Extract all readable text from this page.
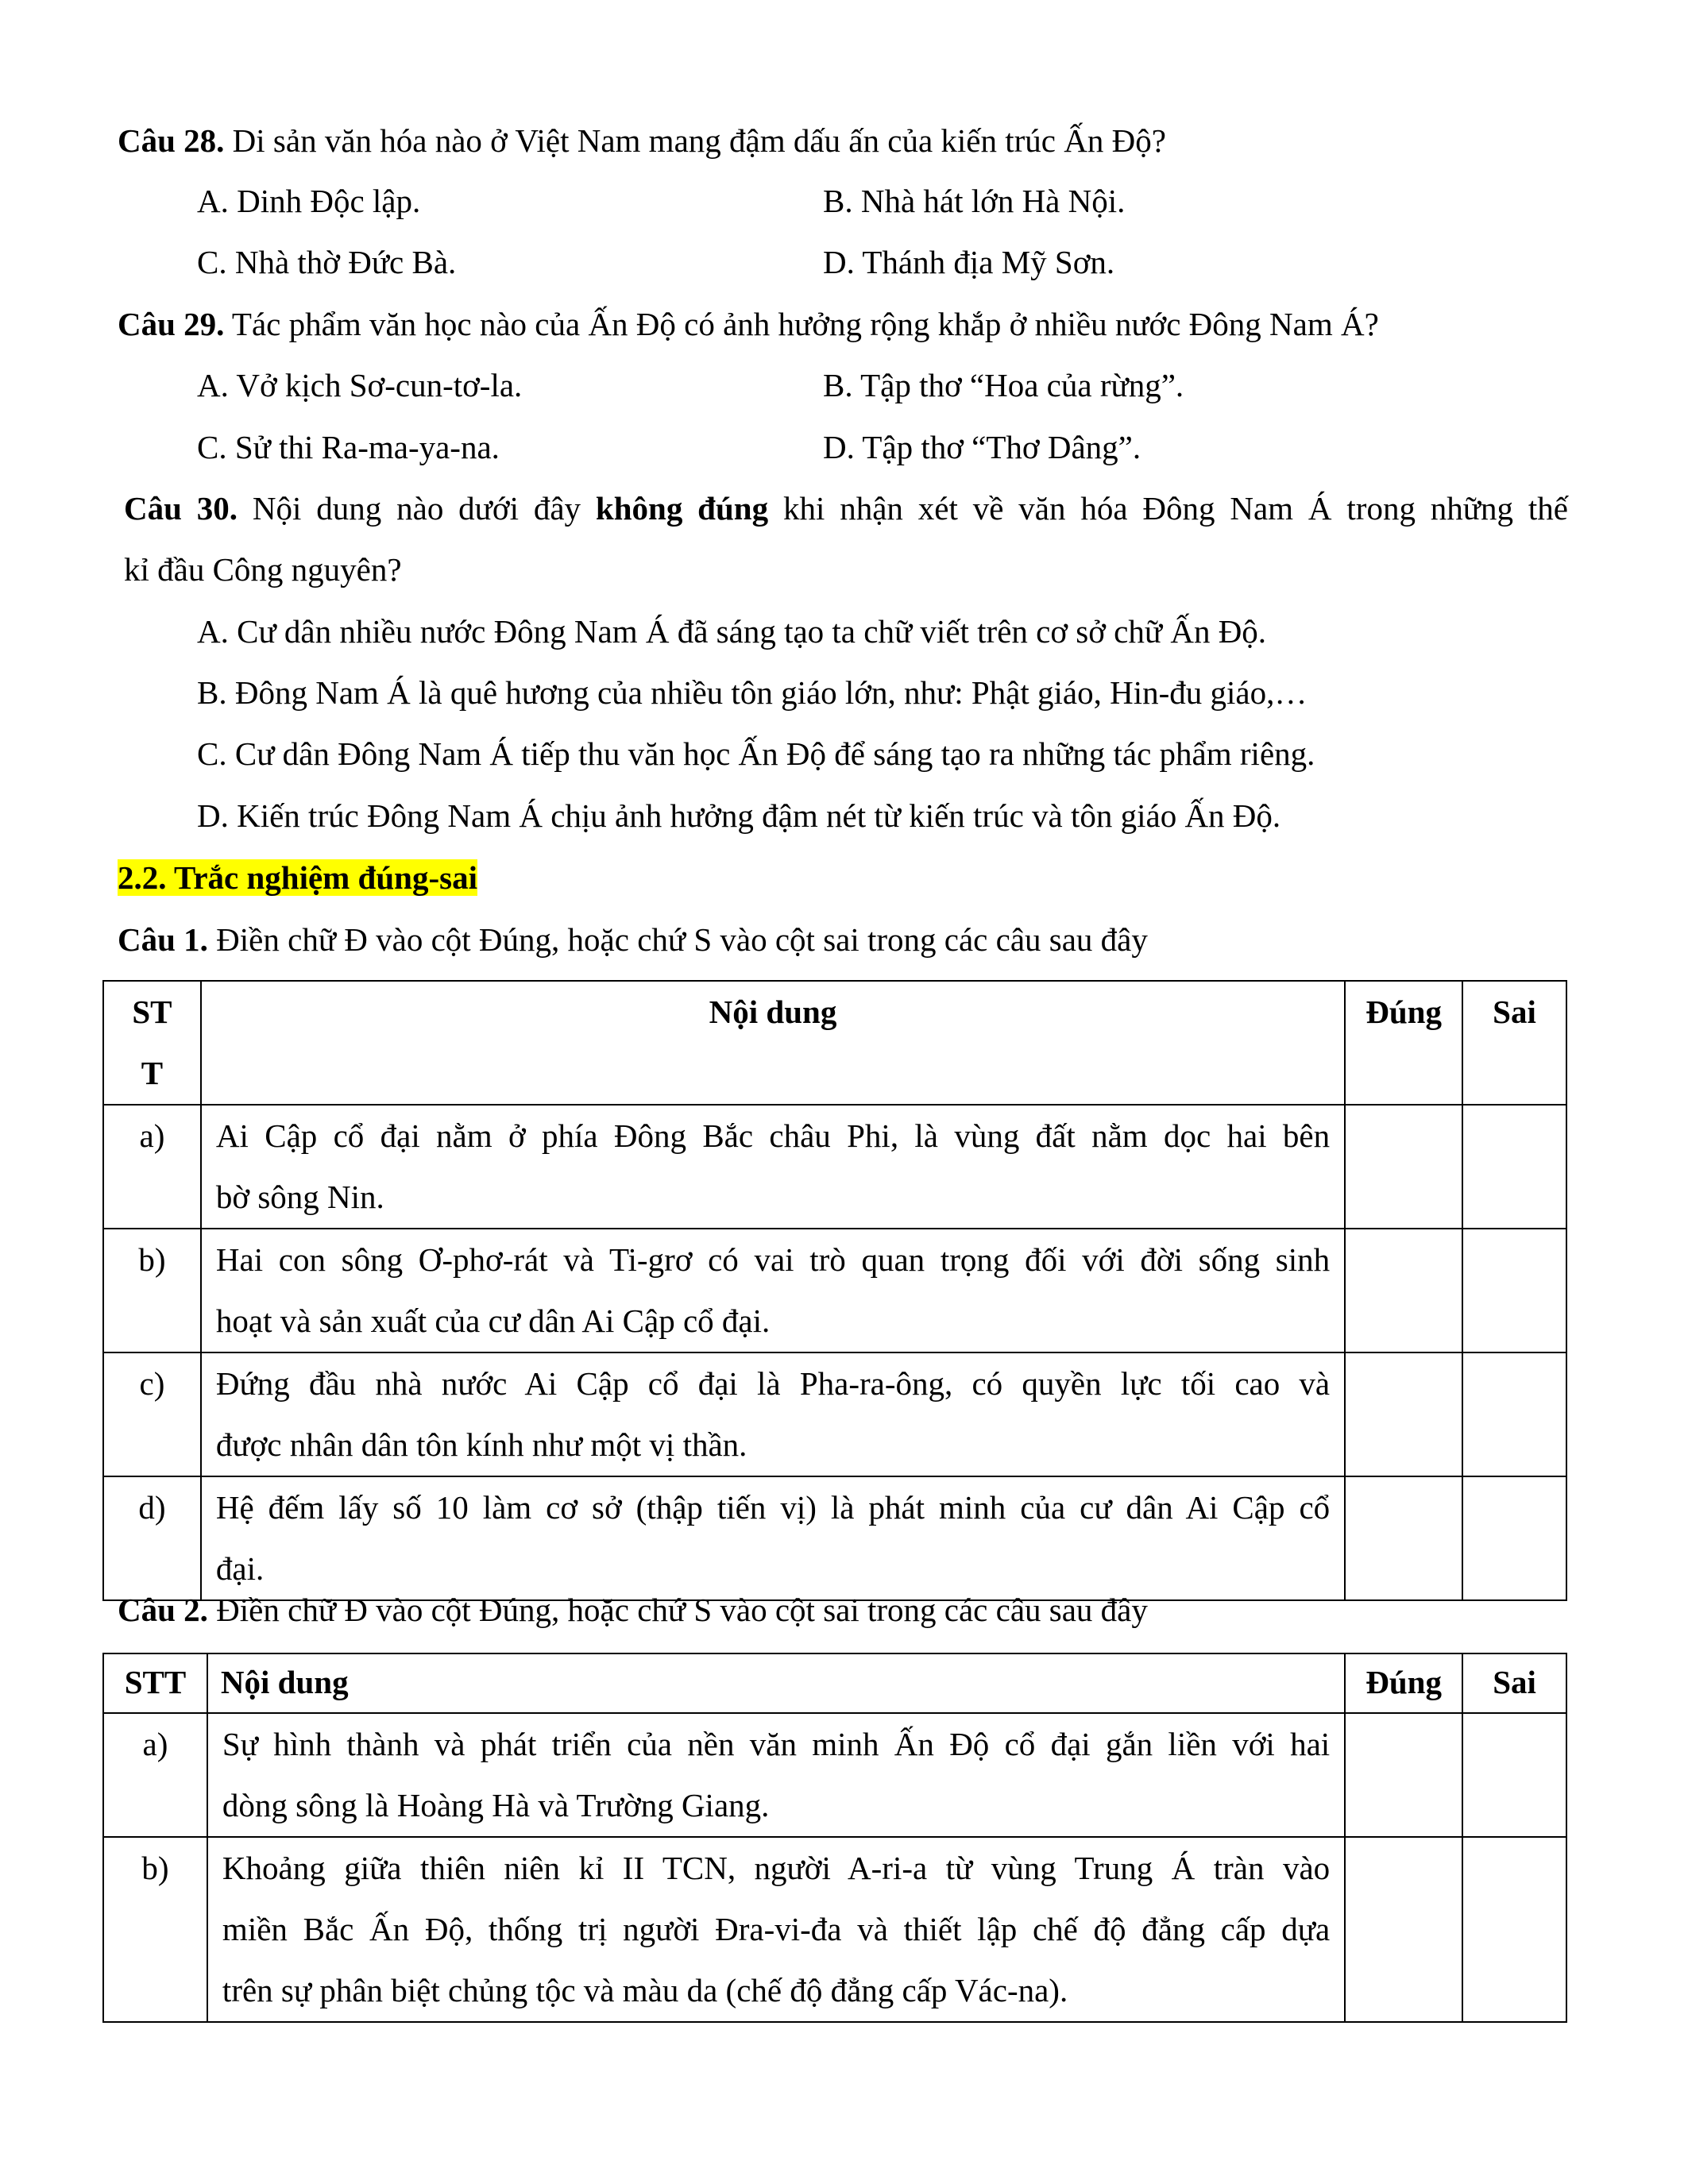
Câu 28. Di sản văn hóa nào ở Việt Nam mang đậm dấu ấn của kiến trúc Ấn Độ?
A. Dinh Độc lập.	B. Nhà hát lớn Hà Nội.
C. Nhà thờ Đức Bà.	D. Thánh địa Mỹ Sơn.
Câu 29. Tác phẩm văn học nào của Ấn Độ có ảnh hưởng rộng khắp ở nhiều nước Đông Nam Á?
A. Vở kịch Sơ-cun-tơ-la.	B. Tập thơ “Hoa của rừng”.
C. Sử thi Ra-ma-ya-na.	D. Tập thơ “Thơ Dâng”.
Câu 30. Nội dung nào dưới đây không đúng khi nhận xét về văn hóa Đông Nam Á trong những thế
kỉ đầu Công nguyên?
A. Cư dân nhiều nước Đông Nam Á đã sáng tạo ta chữ viết trên cơ sở chữ Ấn Độ.
B. Đông Nam Á là quê hương của nhiều tôn giáo lớn, như: Phật giáo, Hin-đu giáo,…
C. Cư dân Đông Nam Á tiếp thu văn học Ấn Độ để sáng tạo ra những tác phẩm riêng.
D. Kiến trúc Đông Nam Á chịu ảnh hưởng đậm nét từ kiến trúc và tôn giáo Ấn Độ.
2.2. Trắc nghiệm đúng-sai
Câu 1. Điền chữ Đ vào cột Đúng, hoặc chứ S vào cột sai trong các câu sau đây
ST
T	Nội dung	Đúng	Sai
a)	Ai Cập cổ đại nằm ở phía Đông Bắc châu Phi, là vùng đất nằm dọc hai bên
bờ sông Nin.		

b)	Hai con sông Ơ-phơ-rát và Ti-grơ có vai trò quan trọng đối với đời sống sinh
hoạt và sản xuất của cư dân Ai Cập cổ đại.		

c)	Đứng đầu nhà nước Ai Cập cổ đại là Pha-ra-ông, có quyền lực tối cao và
được nhân dân tôn kính như một vị thần.		

d)	Hệ đếm lấy số 10 làm cơ sở (thập tiến vị) là phát minh của cư dân Ai Cập cổ
đại.		

Câu 2. Điền chữ Đ vào cột Đúng, hoặc chứ S vào cột sai trong các câu sau đây
STT	Nội dung	Đúng	Sai
a)	Sự hình thành và phát triển của nền văn minh Ấn Độ cổ đại gắn liền với hai
dòng sông là Hoàng Hà và Trường Giang.		

b)	Khoảng giữa thiên niên kỉ II TCN, người A-ri-a từ vùng Trung Á tràn vào
miền Bắc Ấn Độ, thống trị người Đra-vi-đa và thiết lập chế độ đẳng cấp dựa
trên sự phân biệt chủng tộc và màu da (chế độ đẳng cấp Vác-na).		
